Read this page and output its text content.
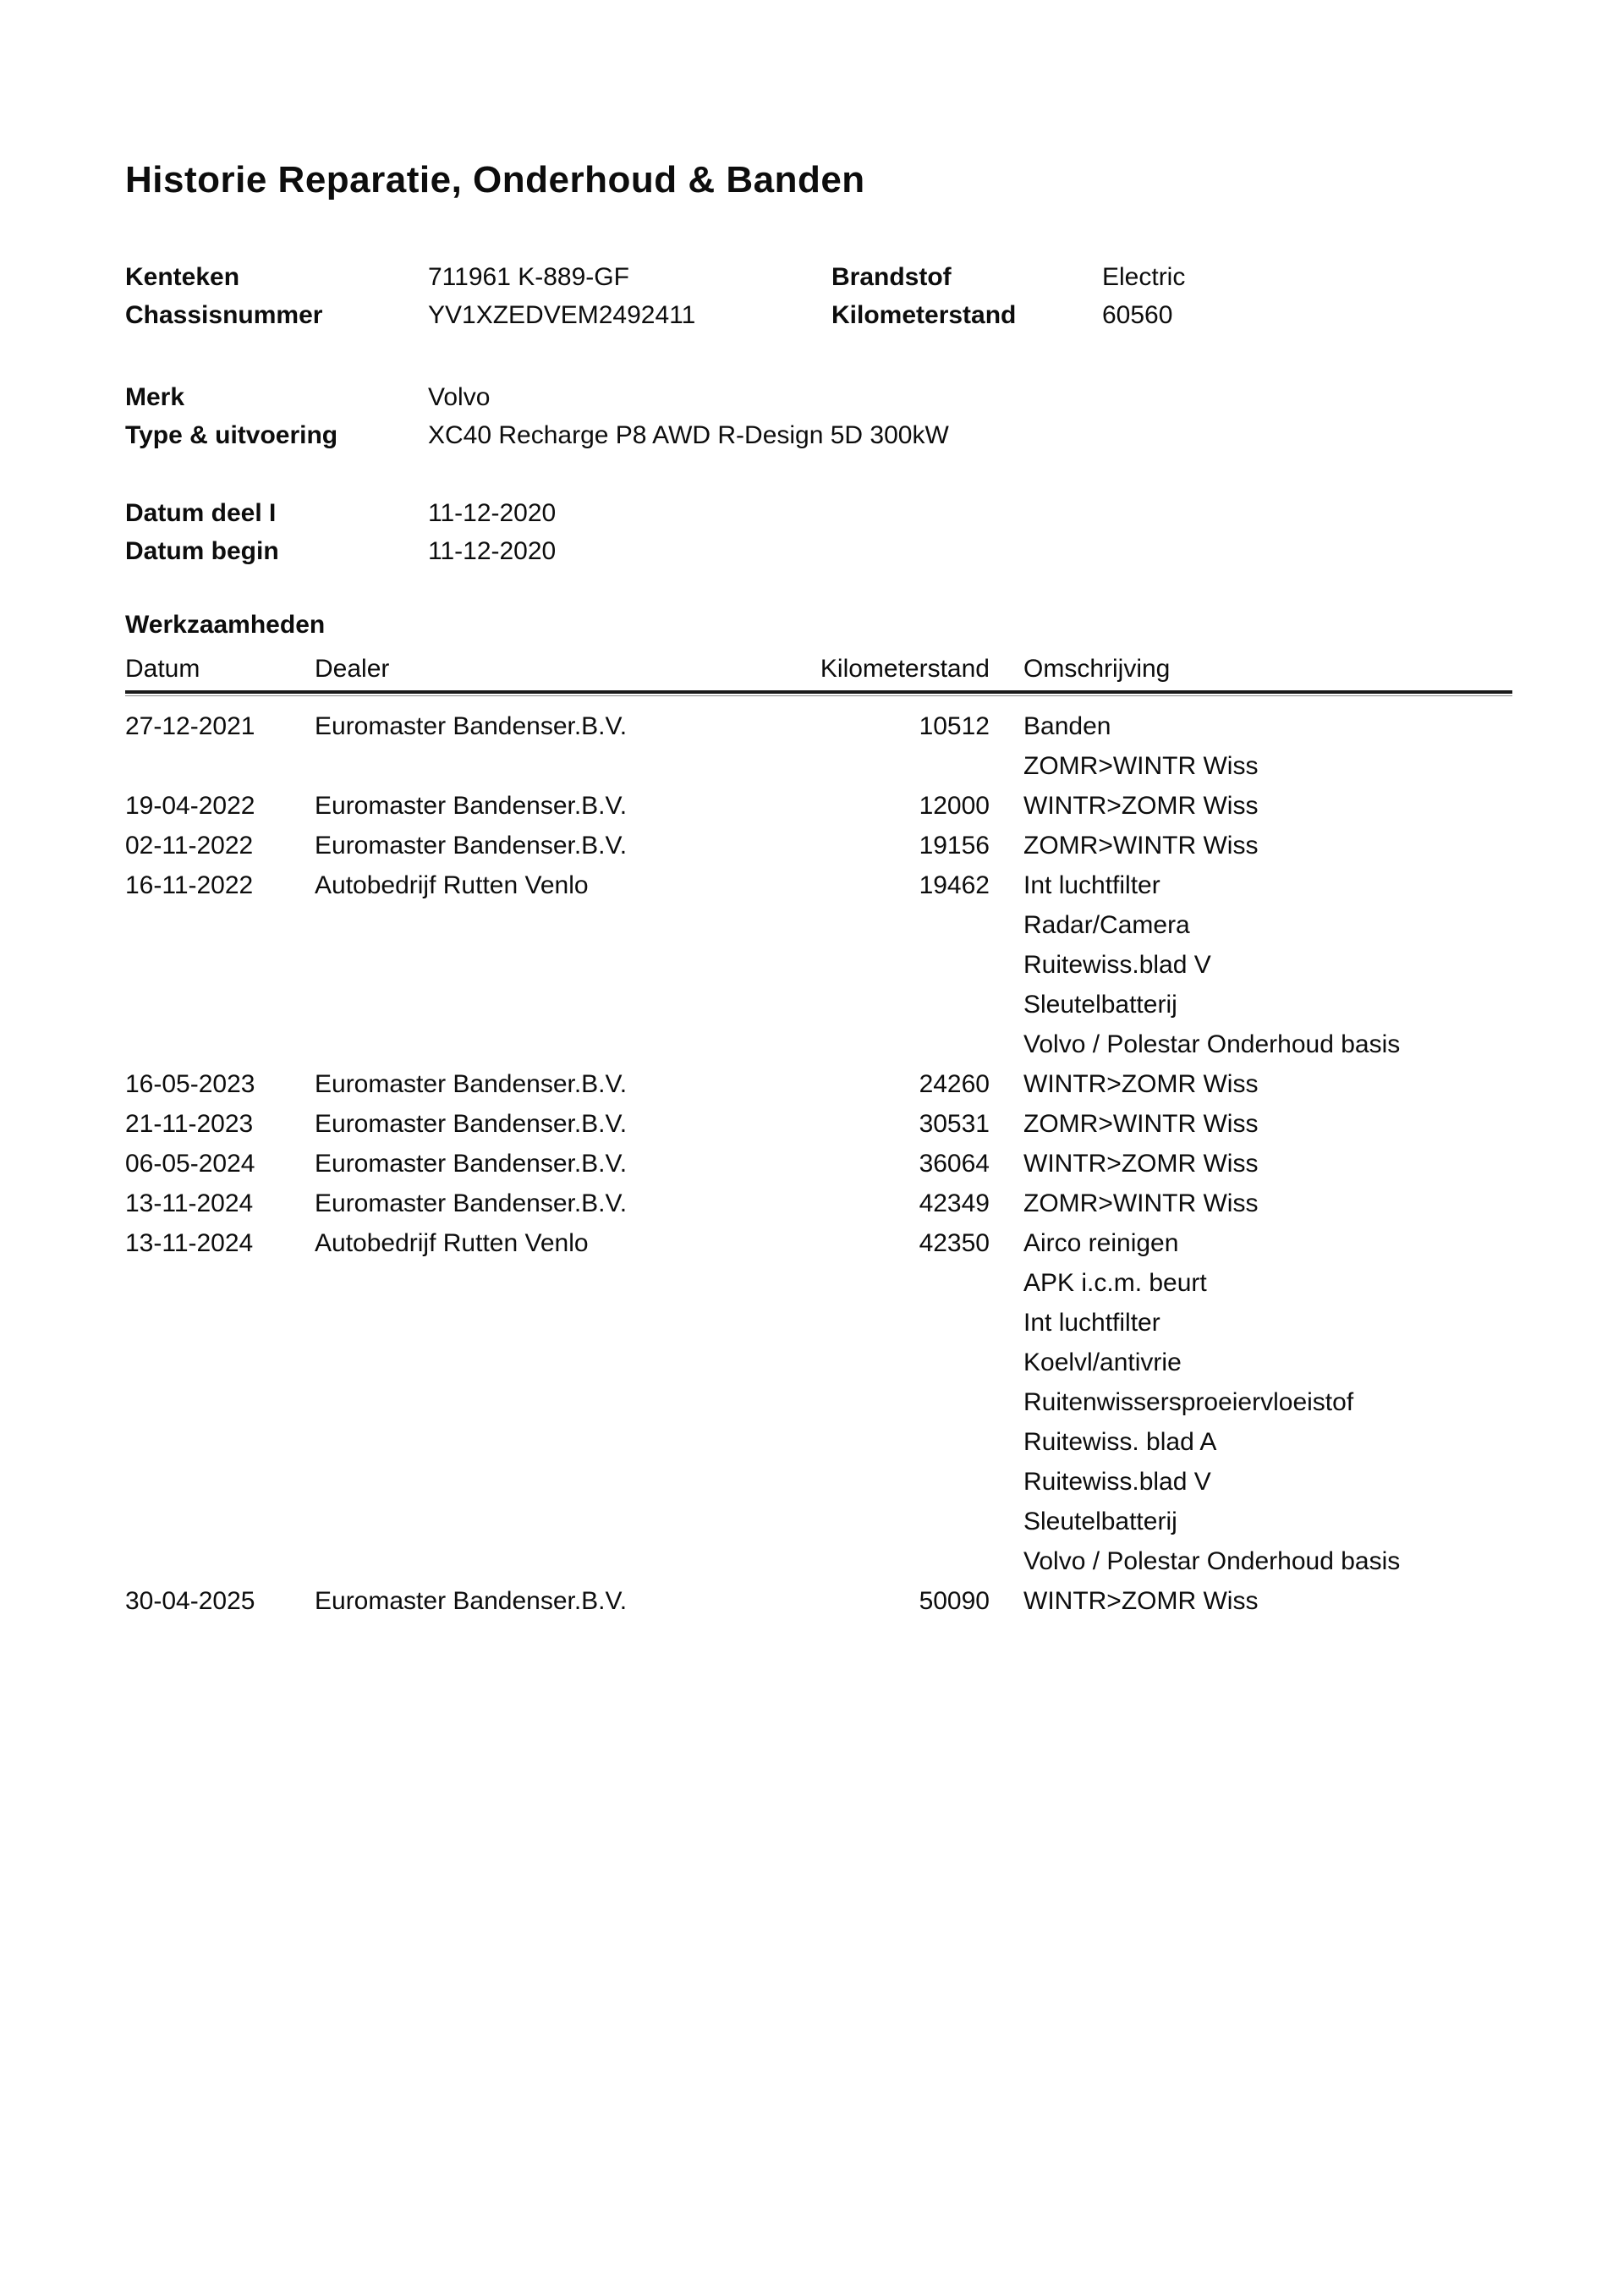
Historie Reparatie, Onderhoud & Banden
Kenteken	711961 K-889-GF	Brandstof	Electric
Chassisnummer	YV1XZEDVEM2492411	Kilometerstand	60560
Merk	Volvo
Type & uitvoering	XC40 Recharge P8 AWD R-Design 5D 300kW
Datum deel I	11-12-2020
Datum begin	11-12-2020
Werkzaamheden
Datum	Dealer	Kilometerstand	Omschrijving
27-12-2021	Euromaster Bandenser.B.V.	10512 Banden
ZOMR>WINTR Wiss
19-04-2022	Euromaster Bandenser.B.V.	12000 WINTR>ZOMR Wiss
02-11-2022	Euromaster Bandenser.B.V.	19156 ZOMR>WINTR Wiss
16-11-2022	Autobedrijf Rutten Venlo	19462 Int luchtfilter
Radar/Camera
Ruitewiss.blad V
Sleutelbatterij
Volvo / Polestar Onderhoud basis
16-05-2023	Euromaster Bandenser.B.V.	24260 WINTR>ZOMR Wiss
21-11-2023	Euromaster Bandenser.B.V.	30531 ZOMR>WINTR Wiss
06-05-2024	Euromaster Bandenser.B.V.	36064 WINTR>ZOMR Wiss
13-11-2024	Euromaster Bandenser.B.V.	42349 ZOMR>WINTR Wiss
13-11-2024	Autobedrijf Rutten Venlo	42350 Airco reinigen
APK i.c.m. beurt
Int luchtfilter
Koelvl/antivrie
Ruitenwissersproeiervloeistof
Ruitewiss. blad A
Ruitewiss.blad V
Sleutelbatterij
Volvo / Polestar Onderhoud basis
30-04-2025	Euromaster Bandenser.B.V.	50090 WINTR>ZOMR Wiss
